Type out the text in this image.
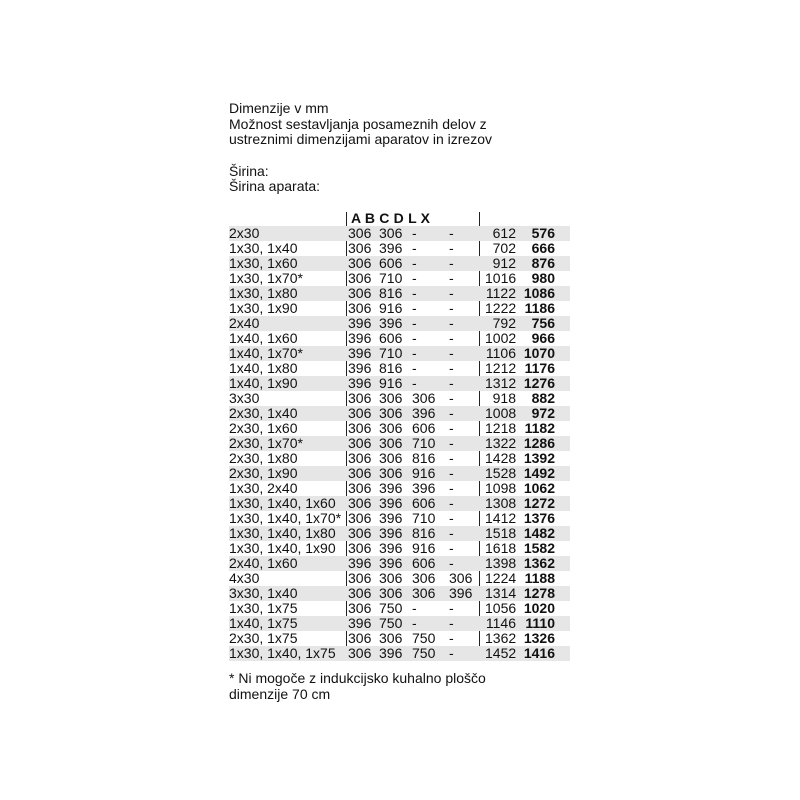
Dimenzije v mm
Možnost sestavljanja posameznih delov z
ustreznimi dimenzijami aparatov in izrezov
Širina:
Širina aparata:
A B C D L X
2x30	306 306 - -	612	576
1x30, 1x40	306 396 - -	702	666
1x30, 1x60	306 606 - -	912	876
1x30, 1x70*	306 710 - - 1016	980
1x30, 1x80	306 816 - - 1122 1086
1x30, 1x90	306 916 - - 1222 1186
2x40	396 396 - -	792	756
1x40, 1x60	396 606 - - 1002	966
1x40, 1x70*	396 710 - - 1106 1070
1x40, 1x80	396 816 - - 1212 1176
1x40, 1x90	396 916 - - 1312 1276
3x30	306 306 306 -	918	882
2x30, 1x40	306 306 396 - 1008	972
2x30, 1x60	306 306 606 - 1218 1182
2x30, 1x70*	306 306 710 - 1322 1286
2x30, 1x80	306 306 816 - 1428 1392
2x30, 1x90	306 306 916 - 1528 1492
1x30, 2x40	306 396 396 - 1098 1062
1x30, 1x40, 1x60 306 396 606 - 1308 1272
1x30, 1x40, 1x70* 306 396 710 - 1412 1376
1x30, 1x40, 1x80 306 396 816 - 1518 1482
1x30, 1x40, 1x90 306 396 916 - 1618 1582
2x40, 1x60	396 396 606 - 1398 1362
4x30	306 306 306 306 1224 1188
3x30, 1x40	306 306 306 396 1314 1278
1x30, 1x75	306 750 - - 1056 1020
1x40, 1x75	396 750 - - 1146 1110
2x30, 1x75	306 306 750 - 1362 1326
1x30, 1x40, 1x75 306 396 750 - 1452 1416
* Ni mogoče z indukcijsko kuhalno ploščo
dimenzije 70 cm
